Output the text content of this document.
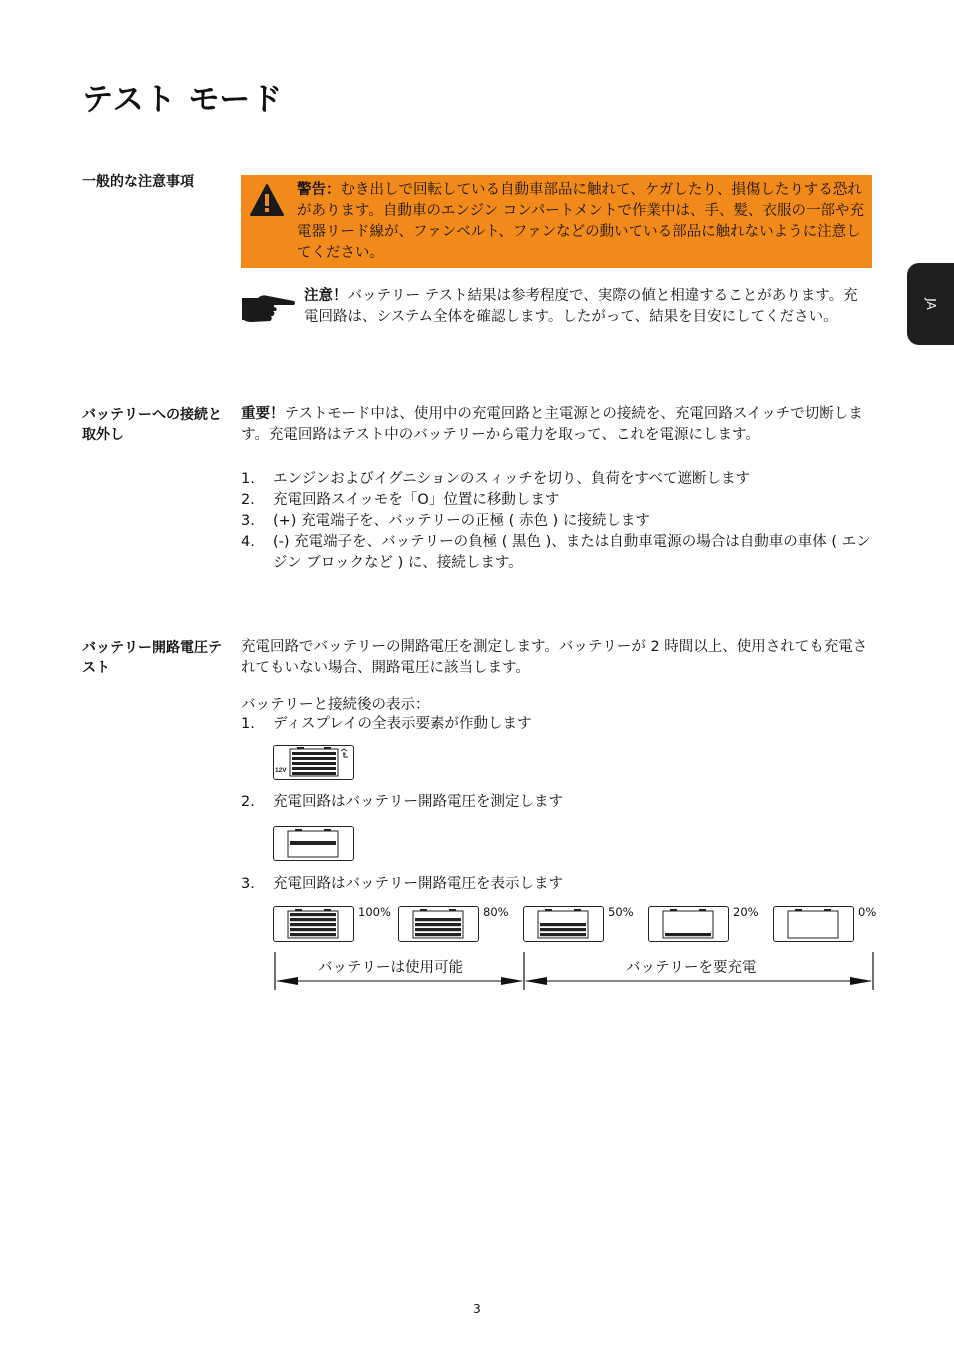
テスト モード
JA
一般的な注意事項	警告：むき出しで回転している自動車部品に触れて、ケガしたり、損傷したりする恐れがあります。自動車のエンジン コンパートメントで作業中は、手、髪、衣服の一部や充電器リード線が、ファンベルト、ファンなどの動いている部品に触れないように注意してください。
注意！バッテリー テスト結果は参考程度で、実際の値と相違することがあります。充電回路は、システム全体を確認します。したがって、結果を目安にしてください。
バッテリーへの接続と取外し
重要！テストモード中は、使用中の充電回路と主電源との接続を、充電回路スイッチで切断します。充電回路はテスト中のバッテリーから電力を取って、これを電源にします。
1. エンジンおよびイグニションのスィッチを切り、負荷をすべて遮断します
2. 充電回路スイッモを「O」位置に移動します
3. (+) 充電端子を、バッテリーの正極 ( 赤色 ) に接続します
4. (-) 充電端子を、バッテリーの負極 ( 黒色 )、または自動車電源の場合は自動車の車体 ( エンジン ブロックなど ) に、接続します。
バッテリー開路電圧テスト
充電回路でバッテリーの開路電圧を測定します。バッテリーが 2 時間以上、使用されても充電されてもいない場合、開路電圧に該当します。
バッテリーと接続後の表示：
1. ディスプレイの全表示要素が作動します
12V
2. 充電回路はバッテリー開路電圧を測定します
3. 充電回路はバッテリー開路電圧を表示します
100%	80%	50%	20%	0%
バッテリーは使用可能	バッテリーを要充電
3
